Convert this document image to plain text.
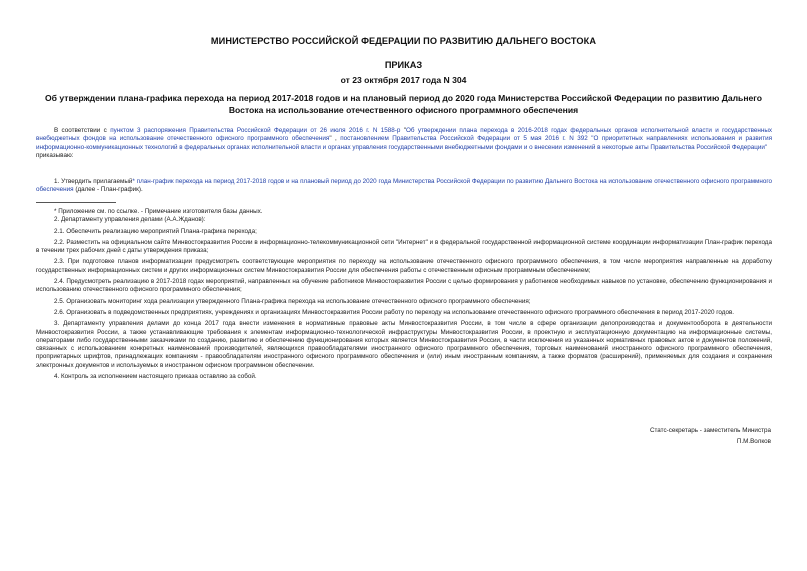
МИНИСТЕРСТВО РОССИЙСКОЙ ФЕДЕРАЦИИ ПО РАЗВИТИЮ ДАЛЬНЕГО ВОСТОКА
ПРИКАЗ
от 23 октября 2017 года N 304
Об утверждении плана-графика перехода на период 2017-2018 годов и на плановый период до 2020 года Министерства Российской Федерации по развитию Дальнего Востока на использование отечественного офисного программного обеспечения

В соответствии с пунктом 3 распоряжения Правительства Российской Федерации от 26 июля 2016 г. N 1588-р "Об утверждении плана перехода в 2016-2018 годах федеральных органов исполнительной власти и государственных внебюджетных фондов на использование отечественного офисного программного обеспечения" , постановлением Правительства Российской Федерации от 5 мая 2016 г. N 392 "О приоритетных направлениях использования и развития информационно-коммуникационных технологий в федеральных органах исполнительной власти и органах управления государственными внебюджетными фондами и о внесении изменений в некоторые акты Правительства Российской Федерации"

приказываю:

1. Утвердить прилагаемый* план-график перехода на период 2017-2018 годов и на плановый период до 2020 года Министерства Российской Федерации по развитию Дальнего Востока на использование отечественного офисного программного обеспечения (далее - План-график).

* Приложение см. по ссылке. - Примечание изготовителя базы данных.

2. Департаменту управления делами (А.А.Жданов):

2.1. Обеспечить реализацию мероприятий Плана-графика перехода;

2.2. Разместить на официальном сайте Минвостокразвития России в информационно-телекоммуникационной сети "Интернет" и в федеральной государственной информационной системе координации информатизации План-график перехода в течении трех рабочих дней с даты утверждения приказа;

2.3. При подготовке планов информатизации предусмотреть соответствующие мероприятия по переходу на использование отечественного офисного программного обеспечения, в том числе мероприятия направленные на доработку государственных информационных систем и других информационных систем Минвостокразвития России для обеспечения работы с отечественным офисным программным обеспечением;

2.4. Предусмотреть реализацию в 2017-2018 годах мероприятий, направленных на обучение работников Минвостокразвития России с целью формирования у работников необходимых навыков по установке, обеспечению функционирования и использованию отечественного офисного программного обеспечения;

2.5. Организовать мониторинг хода реализации утвержденного Плана-графика перехода на использование отечественного офисного программного обеспечения;

2.6. Организовать в подведомственных предприятиях, учреждениях и организациях Минвостокразвития России работу по переходу на использование отечественного офисного программного обеспечения в период 2017-2020 годов.

3. Департаменту управления делами до конца 2017 года внести изменения в нормативные правовые акты Минвостокразвития России, в том числе в сфере организации делопроизводства и документооборота в деятельности Минвостокразвития России, а также устанавливающие требования к элементам информационно-технологической инфраструктуры Минвостокразвития России, в проектную и эксплуатационную документацию на информационные системы, операторами либо государственными заказчиками по созданию, развитию и обеспечению функционирования которых является Минвостокразвития России, в части исключения из указанных нормативных правовых актов и документов положений, связанных с использованием конкретных наименований производителей, являющихся правообладателями иностранного офисного программного обеспечения, торговых наименований иностранного офисного программного обеспечения, проприетарных шрифтов, принадлежащих компаниям - правообладателям иностранного офисного программного обеспечения и (или) иным иностранным компаниям, а также форматов (расширений), применяемых для создания и сохранения электронных документов и используемых в иностранном офисном программном обеспечении.

4. Контроль за исполнением настоящего приказа оставляю за собой.

Статс-секретарь - заместитель Министра
П.М.Волков
